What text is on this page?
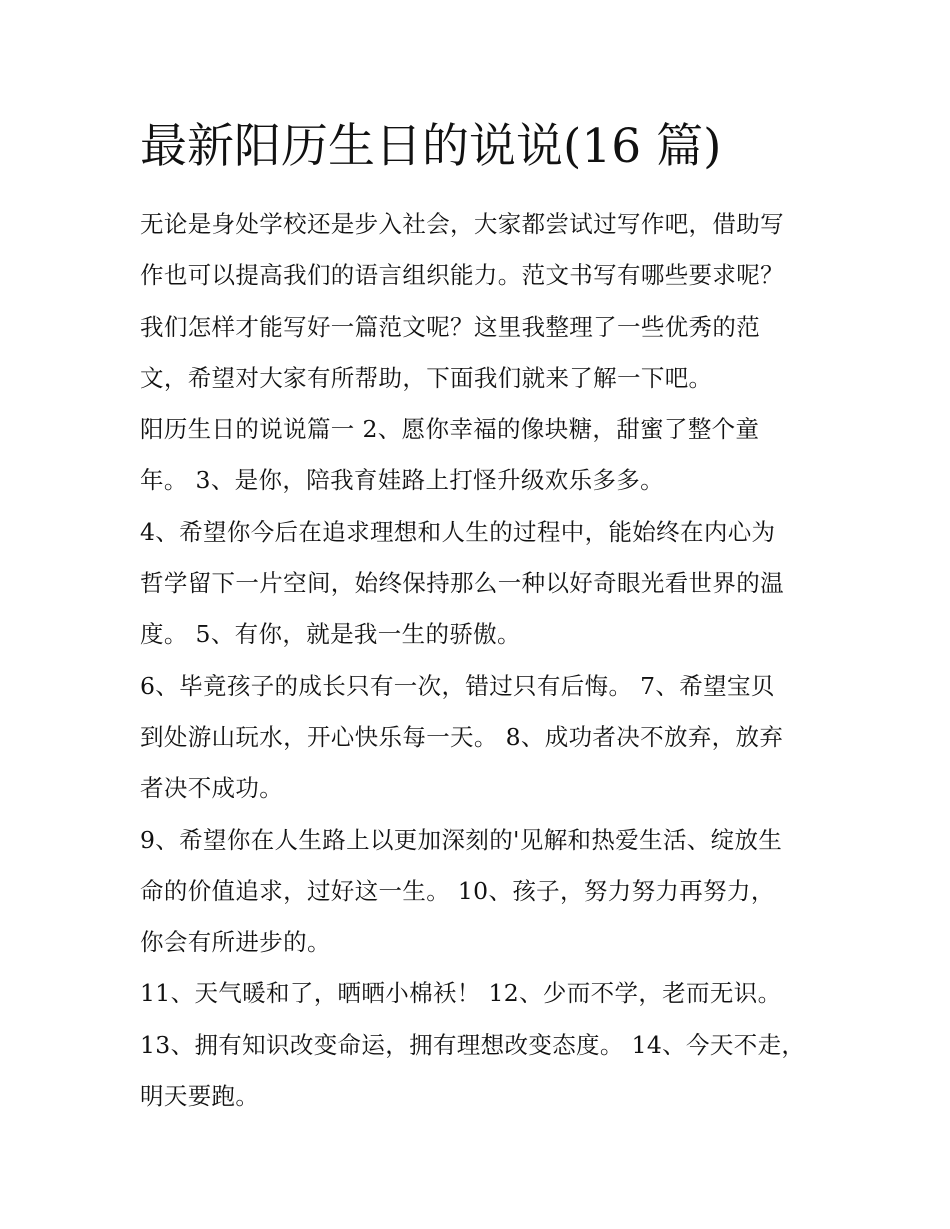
最新阳历生日的说说(16 篇)

无论是身处学校还是步入社会，大家都尝试过写作吧，借助写
作也可以提高我们的语言组织能力。范文书写有哪些要求呢？
我们怎样才能写好一篇范文呢？这里我整理了一些优秀的范
文，希望对大家有所帮助，下面我们就来了解一下吧。

阳历生日的说说篇一 2、愿你幸福的像块糖，甜蜜了整个童
年。 3、是你，陪我育娃路上打怪升级欢乐多多。

4、希望你今后在追求理想和人生的过程中，能始终在内心为
哲学留下一片空间，始终保持那么一种以好奇眼光看世界的温
度。 5、有你，就是我一生的骄傲。

6、毕竟孩子的成长只有一次，错过只有后悔。 7、希望宝贝
到处游山玩水，开心快乐每一天。 8、成功者决不放弃，放弃
者决不成功。

9、希望你在人生路上以更加深刻的'见解和热爱生活、绽放生
命的价值追求，过好这一生。 10、孩子，努力努力再努力，
你会有所进步的。

11、天气暖和了，晒晒小棉袄！ 12、少而不学，老而无识。

13、拥有知识改变命运，拥有理想改变态度。 14、今天不走，
明天要跑。
